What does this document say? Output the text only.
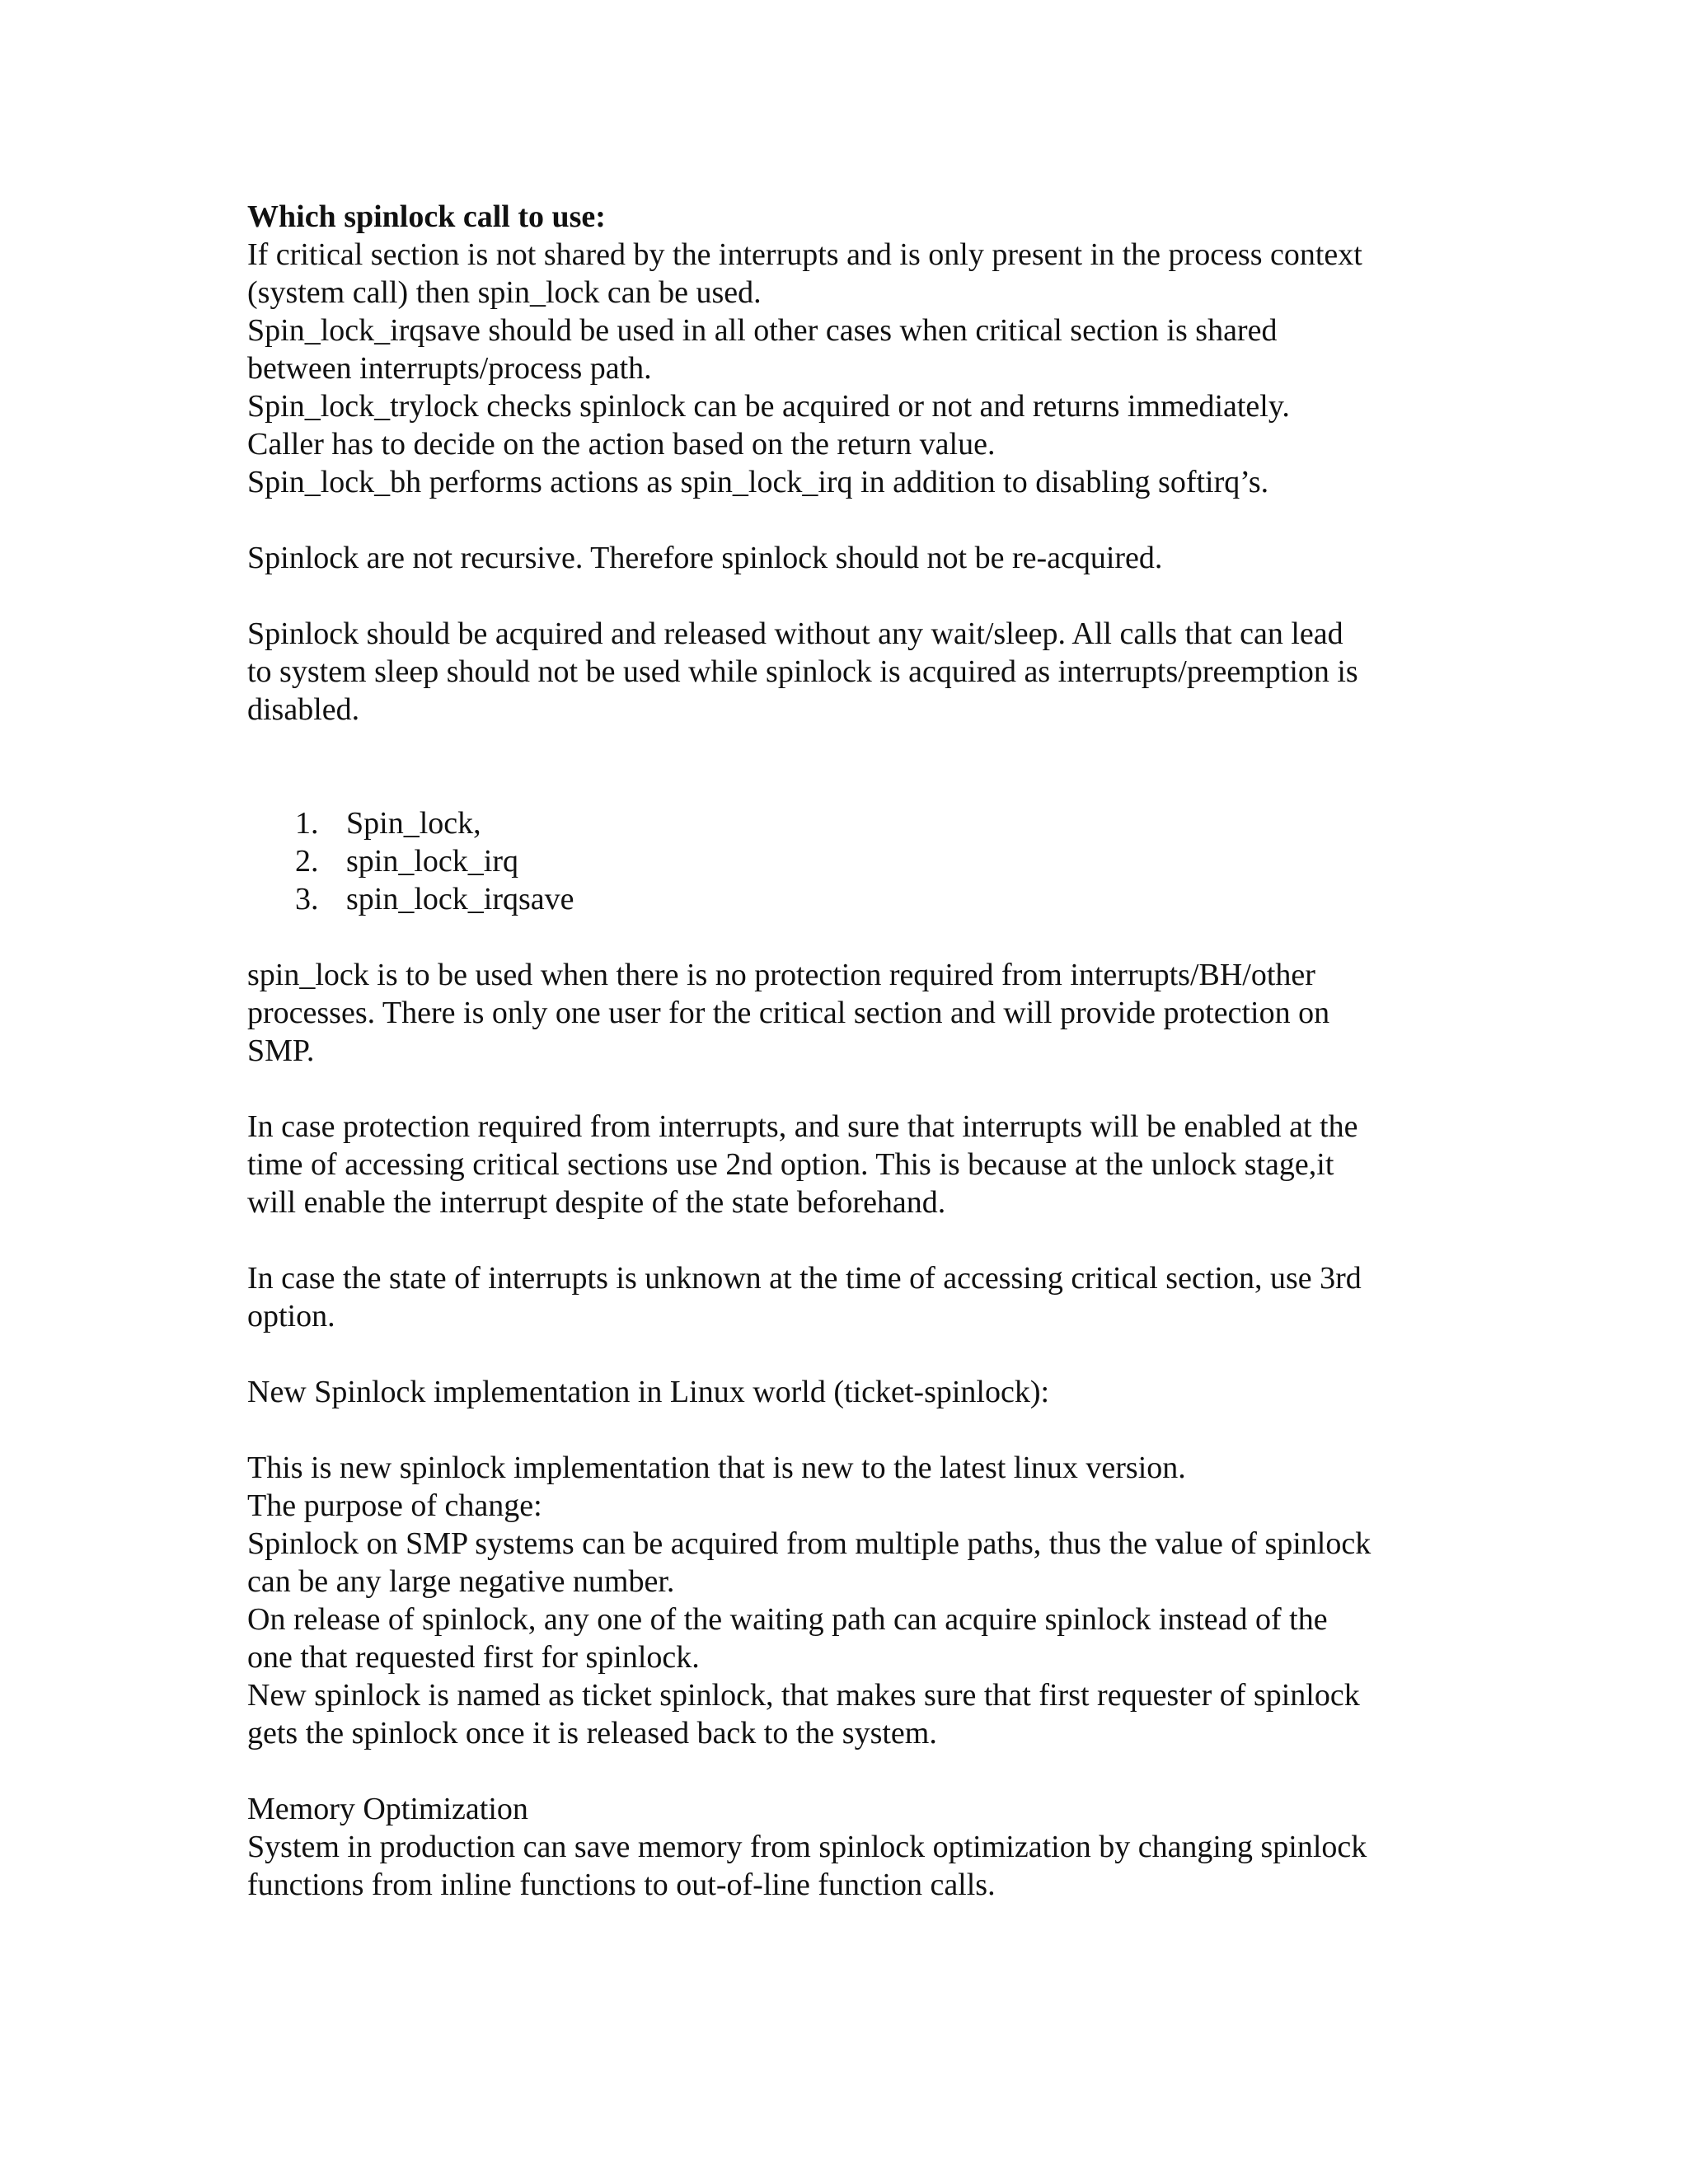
Which spinlock call to use:
If critical section is not shared by the interrupts and is only present in the process context
(system call) then spin_lock can be used.
Spin_lock_irqsave should be used in all other cases when critical section is shared
between interrupts/process path.
Spin_lock_trylock checks spinlock can be acquired or not and returns immediately.
Caller has to decide on the action based on the return value.
Spin_lock_bh performs actions as spin_lock_irq in addition to disabling softirq’s.
Spinlock are not recursive. Therefore spinlock should not be re-acquired.
Spinlock should be acquired and released without any wait/sleep. All calls that can lead
to system sleep should not be used while spinlock is acquired as interrupts/preemption is
disabled.
1. Spin_lock,
2. spin_lock_irq
3. spin_lock_irqsave
spin_lock is to be used when there is no protection required from interrupts/BH/other
processes. There is only one user for the critical section and will provide protection on
SMP.
In case protection required from interrupts, and sure that interrupts will be enabled at the
time of accessing critical sections use 2nd option. This is because at the unlock stage,it
will enable the interrupt despite of the state beforehand.
In case the state of interrupts is unknown at the time of accessing critical section, use 3rd
option.
New Spinlock implementation in Linux world (ticket-spinlock):
This is new spinlock implementation that is new to the latest linux version.
The purpose of change:
Spinlock on SMP systems can be acquired from multiple paths, thus the value of spinlock
can be any large negative number.
On release of spinlock, any one of the waiting path can acquire spinlock instead of the
one that requested first for spinlock.
New spinlock is named as ticket spinlock, that makes sure that first requester of spinlock
gets the spinlock once it is released back to the system.
Memory Optimization
System in production can save memory from spinlock optimization by changing spinlock
functions from inline functions to out-of-line function calls.
